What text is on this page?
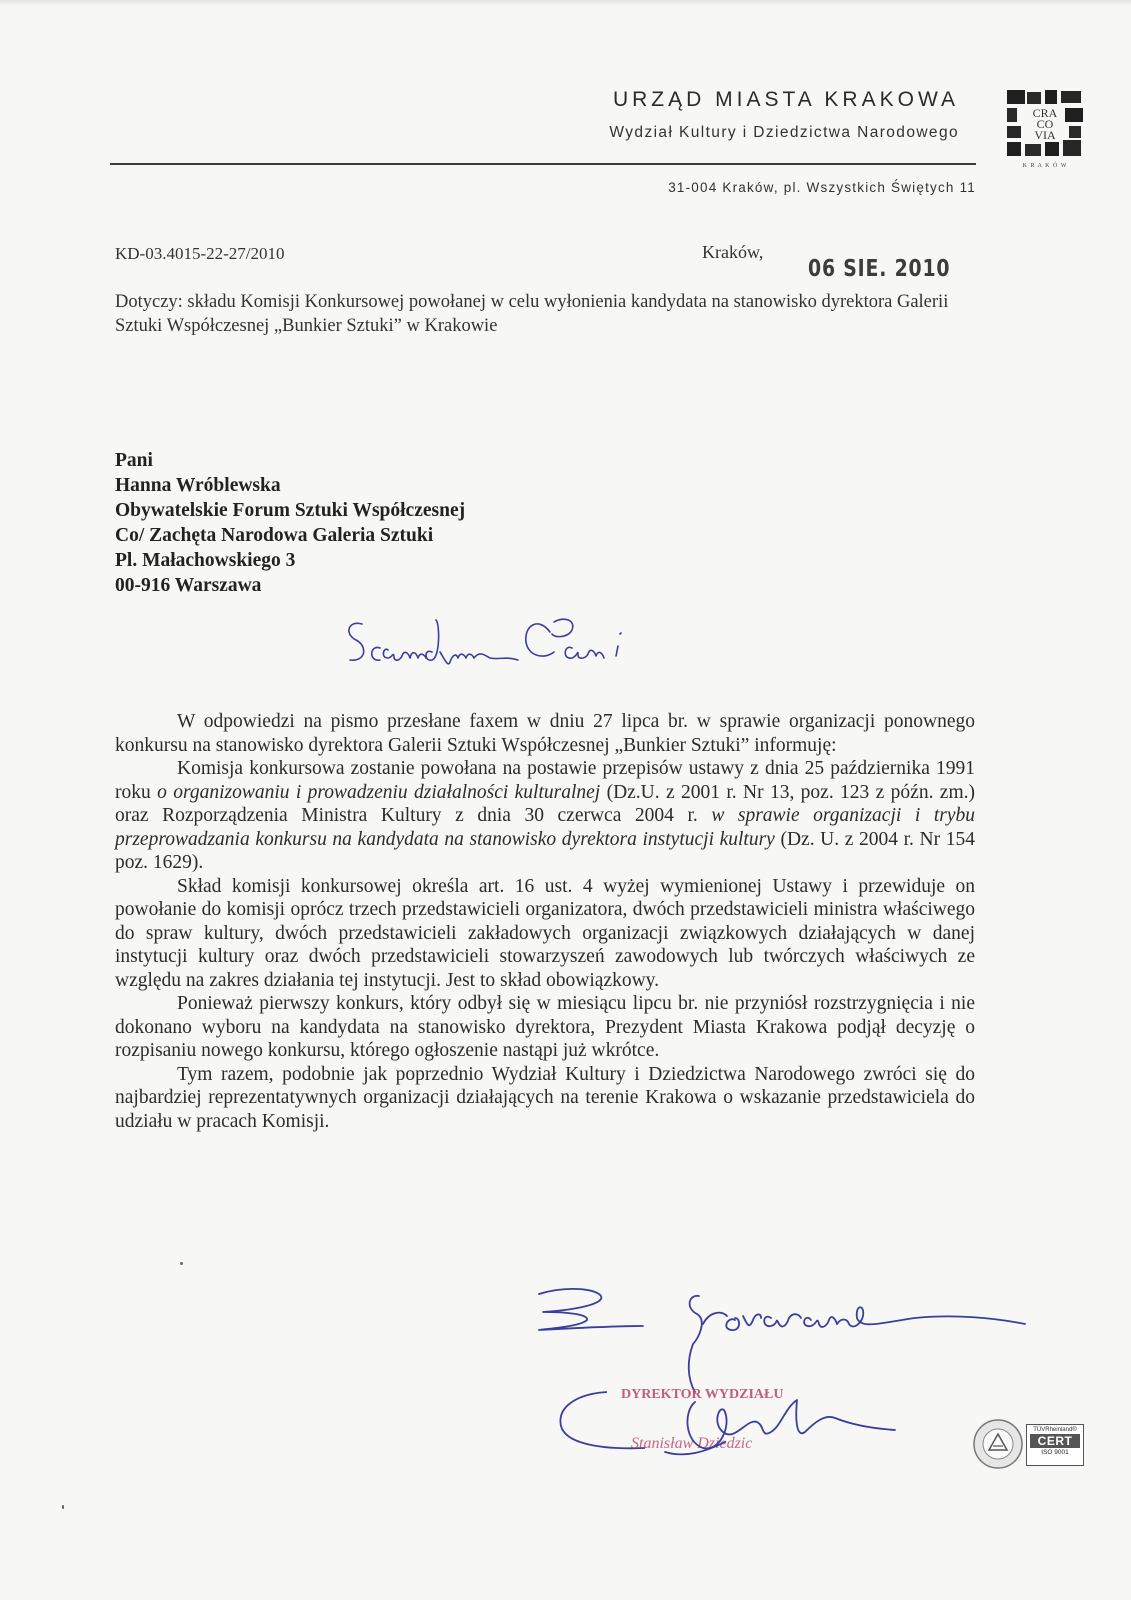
URZĄD MIASTA KRAKOWA
Wydział Kultury i Dziedzictwa Narodowego
31-004 Kraków, pl. Wszystkich Świętych 11
CRA
CO
VIA
K R A K Ó W
KD-03.4015-22-27/2010	Kraków,
06 SIE. 2010
Dotyczy: składu Komisji Konkursowej powołanej w celu wyłonienia kandydata na stanowisko dyrektora Galerii Sztuki Współczesnej „Bunkier Sztuki” w Krakowie
Pani
Hanna Wróblewska
Obywatelskie Forum Sztuki Współczesnej
Co/ Zachęta Narodowa Galeria Sztuki
Pl. Małachowskiego 3
00-916 Warszawa

W odpowiedzi na pismo przesłane faxem w dniu 27 lipca br. w sprawie organizacji ponownego konkursu na stanowisko dyrektora Galerii Sztuki Współczesnej „Bunkier Sztuki” informuję:

Komisja konkursowa zostanie powołana na postawie przepisów ustawy z dnia 25 października 1991 roku o organizowaniu i prowadzeniu działalności kulturalnej (Dz.U. z 2001 r. Nr 13, poz. 123 z późn. zm.) oraz Rozporządzenia Ministra Kultury z dnia 30 czerwca 2004 r. w sprawie organizacji i trybu przeprowadzania konkursu na kandydata na stanowisko dyrektora instytucji kultury (Dz. U. z 2004 r. Nr 154 poz. 1629).

Skład komisji konkursowej określa art. 16 ust. 4 wyżej wymienionej Ustawy i przewiduje on powołanie do komisji oprócz trzech przedstawicieli organizatora, dwóch przedstawicieli ministra właściwego do spraw kultury, dwóch przedstawicieli zakładowych organizacji związkowych działających w danej instytucji kultury oraz dwóch przedstawicieli stowarzyszeń zawodowych lub twórczych właściwych ze względu na zakres działania tej instytucji. Jest to skład obowiązkowy.

Ponieważ pierwszy konkurs, który odbył się w miesiącu lipcu br. nie przyniósł rozstrzygnięcia i nie dokonano wyboru na kandydata na stanowisko dyrektora, Prezydent Miasta Krakowa podjął decyzję o rozpisaniu nowego konkursu, którego ogłoszenie nastąpi już wkrótce.

Tym razem, podobnie jak poprzednio Wydział Kultury i Dziedzictwa Narodowego zwróci się do najbardziej reprezentatywnych organizacji działających na terenie Krakowa o wskazanie przedstawiciela do udziału w pracach Komisji.

DYREKTOR WYDZIAŁU
Stanisław Dziedzic
TÜVRheinland®
CERT
ISO 9001
